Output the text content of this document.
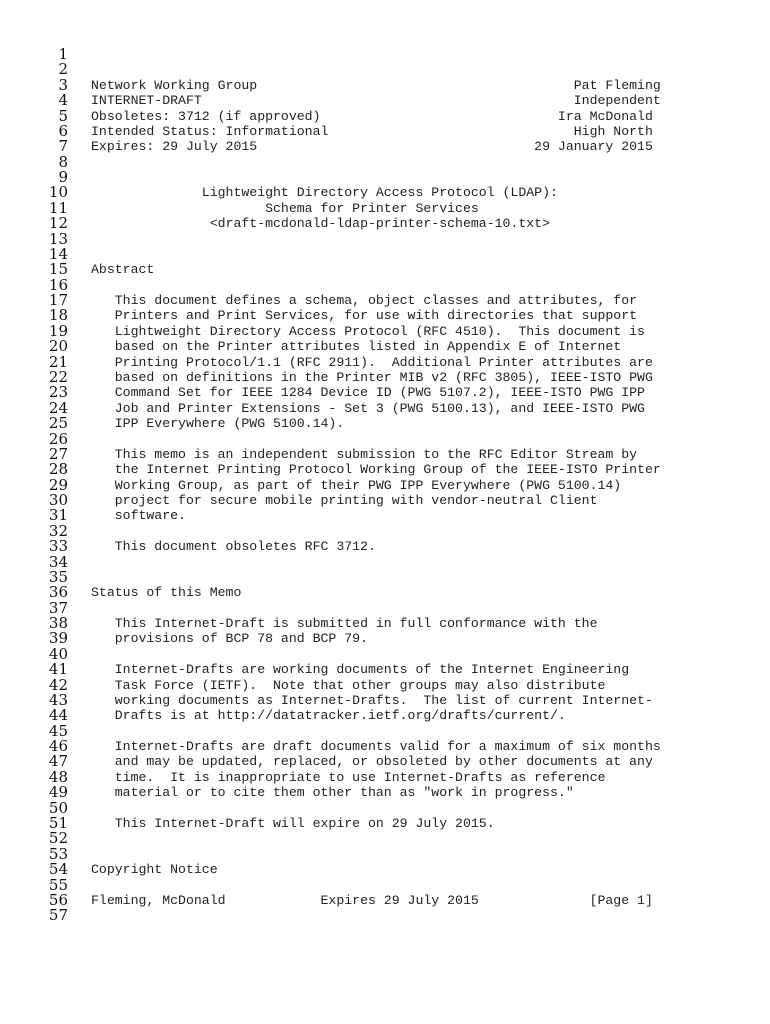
1
2
3 Network Working Group                                        Pat Fleming
4 INTERNET-DRAFT                                               Independent
5 Obsoletes: 3712 (if approved)                              Ira McDonald
6 Intended Status: Informational                               High North
7 Expires: 29 July 2015                                   29 January 2015
8
9
10 Lightweight Directory Access Protocol (LDAP):
11 Schema for Printer Services
12 <draft-mcdonald-ldap-printer-schema-10.txt>
13
14
15 Abstract
16
17 This document defines a schema, object classes and attributes, for
18 Printers and Print Services, for use with directories that support
19 Lightweight Directory Access Protocol (RFC 4510).  This document is
20 based on the Printer attributes listed in Appendix E of Internet
21 Printing Protocol/1.1 (RFC 2911).  Additional Printer attributes are
22 based on definitions in the Printer MIB v2 (RFC 3805), IEEE-ISTO PWG
23 Command Set for IEEE 1284 Device ID (PWG 5107.2), IEEE-ISTO PWG IPP
24 Job and Printer Extensions - Set 3 (PWG 5100.13), and IEEE-ISTO PWG
25 IPP Everywhere (PWG 5100.14).
26
27 This memo is an independent submission to the RFC Editor Stream by
28 the Internet Printing Protocol Working Group of the IEEE-ISTO Printer
29 Working Group, as part of their PWG IPP Everywhere (PWG 5100.14)
30 project for secure mobile printing with vendor-neutral Client
31 software.
32
33 This document obsoletes RFC 3712.
34
35
36 Status of this Memo
37
38 This Internet-Draft is submitted in full conformance with the
39 provisions of BCP 78 and BCP 79.
40
41 Internet-Drafts are working documents of the Internet Engineering
42 Task Force (IETF).  Note that other groups may also distribute
43 working documents as Internet-Drafts.  The list of current Internet-
44 Drafts is at http://datatracker.ietf.org/drafts/current/.
45
46 Internet-Drafts are draft documents valid for a maximum of six months
47 and may be updated, replaced, or obsoleted by other documents at any
48 time.  It is inappropriate to use Internet-Drafts as reference
49 material or to cite them other than as "work in progress."
50
51 This Internet-Draft will expire on 29 July 2015.
52
53
54 Copyright Notice
55
56 Fleming, McDonald            Expires 29 July 2015              [Page 1]
57
